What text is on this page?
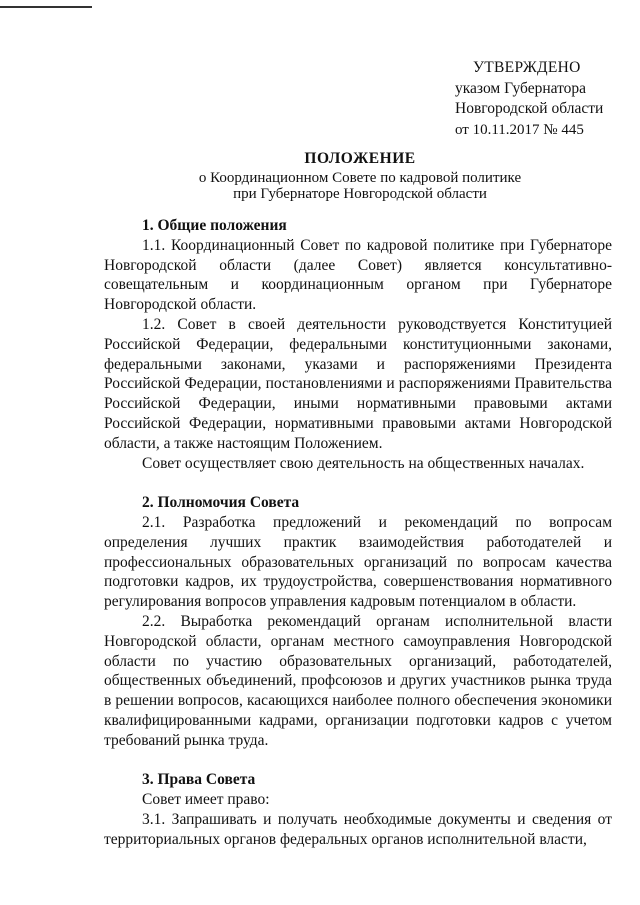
УТВЕРЖДЕНО
указом Губернатора
Новгородской области
от 10.11.2017 № 445
ПОЛОЖЕНИЕ
о Координационном Совете по кадровой политике
при Губернаторе Новгородской области

1. Общие положения

1.1. Координационный Совет по кадровой политике при Губернаторе Новгородской области (далее Совет) является консультативно-совещательным и координационным органом при Губернаторе Новгородской области.

1.2. Совет в своей деятельности руководствуется Конституцией Российской Федерации, федеральными конституционными законами, федеральными законами, указами и распоряжениями Президента Российской Федерации, постановлениями и распоряжениями Правительства Российской Федерации, иными нормативными правовыми актами Российской Федерации, нормативными правовыми актами Новгородской области, а также настоящим Положением.

Совет осуществляет свою деятельность на общественных началах.

2. Полномочия Совета

2.1. Разработка предложений и рекомендаций по вопросам определения лучших практик взаимодействия работодателей и профессиональных образовательных организаций по вопросам качества подготовки кадров, их трудоустройства, совершенствования нормативного регулирования вопросов управления кадровым потенциалом в области.

2.2. Выработка рекомендаций органам исполнительной власти Новгородской области, органам местного самоуправления Новгородской области по участию образовательных организаций, работодателей, общественных объединений, профсоюзов и других участников рынка труда в решении вопросов, касающихся наиболее полного обеспечения экономики квалифицированными кадрами, организации подготовки кадров с учетом требований рынка труда.

3. Права Совета

Совет имеет право:

3.1. Запрашивать и получать необходимые документы и сведения от территориальных органов федеральных органов исполнительной власти,
